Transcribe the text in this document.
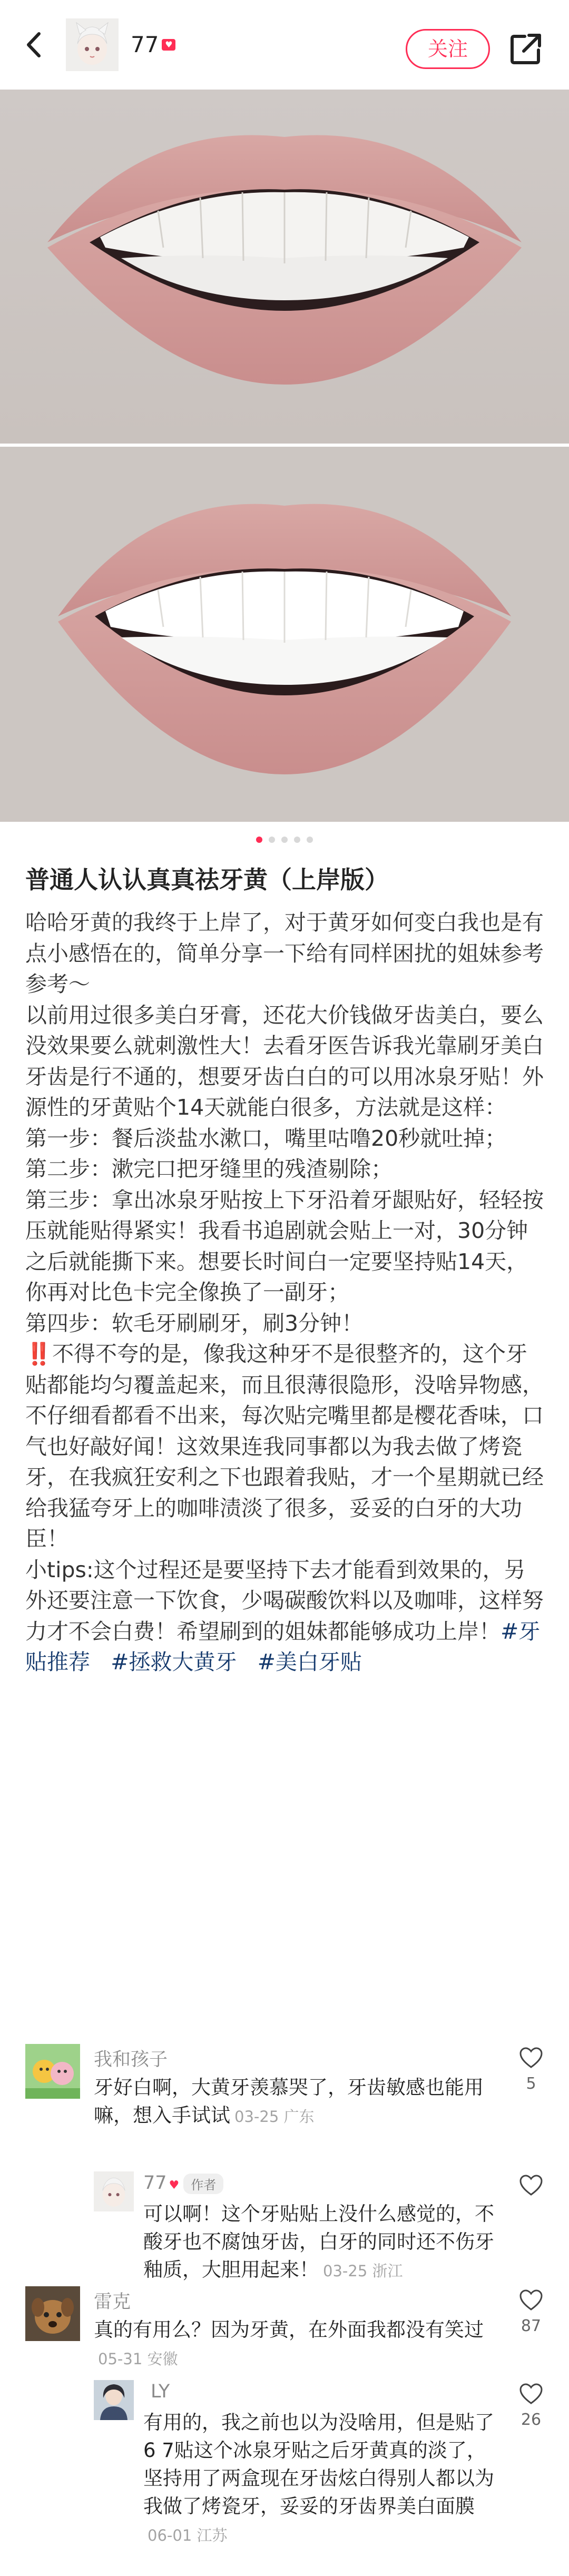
77 ♥	关注
普通人认认真真祛牙黄（上岸版）

哈哈牙黄的我终于上岸了，对于黄牙如何变白我也是有点小感悟在的，简单分享一下给有同样困扰的姐妹参考参考～

以前用过很多美白牙膏，还花大价钱做牙齿美白，要么没效果要么就刺激性大！去看牙医告诉我光靠刷牙美白牙齿是行不通的，想要牙齿白白的可以用冰泉牙贴！外源性的牙黄贴个14天就能白很多，方法就是这样：

第一步：餐后淡盐水漱口，嘴里咕噜20秒就吐掉；

第二步：漱完口把牙缝里的残渣剔除；

第三步：拿出冰泉牙贴按上下牙沿着牙龈贴好，轻轻按压就能贴得紧实！我看书追剧就会贴上一对，30分钟之后就能撕下来。想要长时间白一定要坚持贴14天，你再对比色卡完全像换了一副牙；

第四步：软毛牙刷刷牙，刷3分钟！

‼️不得不夸的是，像我这种牙不是很整齐的，这个牙贴都能均匀覆盖起来，而且很薄很隐形，没啥异物感，不仔细看都看不出来，每次贴完嘴里都是樱花香味，口气也好敲好闻！这效果连我同事都以为我去做了烤瓷牙，在我疯狂安利之下也跟着我贴，才一个星期就已经给我猛夸牙上的咖啡渍淡了很多，妥妥的白牙的大功臣！

小tips:这个过程还是要坚持下去才能看到效果的，另外还要注意一下饮食，少喝碳酸饮料以及咖啡，这样努力才不会白费！希望刷到的姐妹都能够成功上岸！#牙贴推荐 #拯救大黄牙 #美白牙贴

我和孩子
牙好白啊，大黄牙羡慕哭了，牙齿敏感也能用嘛，想入手试试 03-25 广东
5
77 ♥ 作者
可以啊！这个牙贴贴上没什么感觉的，不酸牙也不腐蚀牙齿，白牙的同时还不伤牙釉质，大胆用起来！ 03-25 浙江
雷克
真的有用么？因为牙黄，在外面我都没有笑过05-31 安徽
87
LY
有用的，我之前也以为没啥用，但是贴了6 7贴这个冰泉牙贴之后牙黄真的淡了，坚持用了两盒现在牙齿炫白得别人都以为我做了烤瓷牙，妥妥的牙齿界美白面膜06-01 江苏
26
